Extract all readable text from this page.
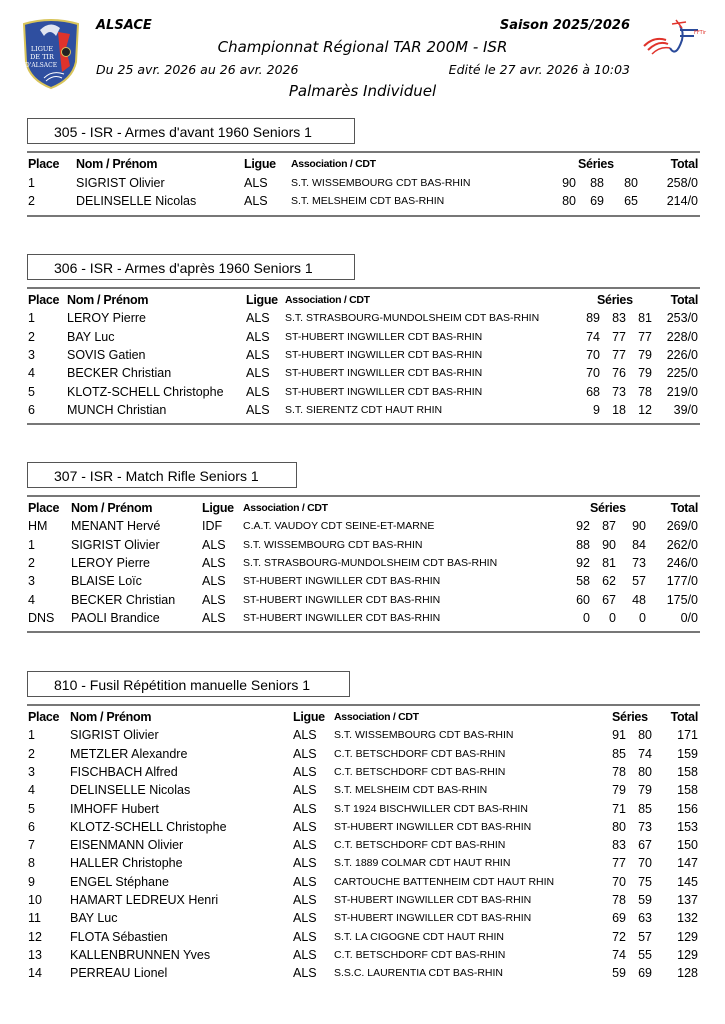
LIGUE
DE TIR
D'ALSACE
FFTir
ALSACE	Saison 2025/2026
Championnat Régional TAR 200M - ISR
Du 25 avr. 2026 au 26 avr. 2026	Edité le 27 avr. 2026 à 10:03
Palmarès Individuel
305 - ISR - Armes d'avant 1960 Seniors 1
Place Nom / Prénom	Ligue Association / CDT	Séries	Total
1	SIGRIST Olivier	ALS S.T. WISSEMBOURG CDT BAS-RHIN	90 88 80 258/0
2	DELINSELLE Nicolas	ALS S.T. MELSHEIM CDT BAS-RHIN	80 69 65 214/0
306 - ISR - Armes d'après 1960 Seniors 1
Place Nom / Prénom	Ligue Association / CDT	Séries	Total
1	LEROY Pierre	ALS S.T. STRASBOURG-MUNDOLSHEIM CDT BAS-RHIN	89 83 81 253/0
2	BAY Luc	ALS ST-HUBERT INGWILLER CDT BAS-RHIN	74 77 77 228/0
3	SOVIS Gatien	ALS ST-HUBERT INGWILLER CDT BAS-RHIN	70 77 79 226/0
4	BECKER Christian	ALS ST-HUBERT INGWILLER CDT BAS-RHIN	70 76 79 225/0
5	KLOTZ-SCHELL Christophe ALS ST-HUBERT INGWILLER CDT BAS-RHIN	68 73 78 219/0
6	MUNCH Christian	ALS S.T. SIERENTZ CDT HAUT RHIN	9 18 12 39/0
307 - ISR - Match Rifle Seniors 1
Place Nom / Prénom	Ligue Association / CDT	Séries	Total
HM MENANT Hervé	IDF C.A.T. VAUDOY CDT SEINE-ET-MARNE	92 87 90 269/0
1	SIGRIST Olivier	ALS S.T. WISSEMBOURG CDT BAS-RHIN	88 90 84 262/0
2	LEROY Pierre	ALS S.T. STRASBOURG-MUNDOLSHEIM CDT BAS-RHIN	92 81 73 246/0
3	BLAISE Loïc	ALS ST-HUBERT INGWILLER CDT BAS-RHIN	58 62 57 177/0
4	BECKER Christian ALS ST-HUBERT INGWILLER CDT BAS-RHIN	60 67 48 175/0
DNS PAOLI Brandice	ALS ST-HUBERT INGWILLER CDT BAS-RHIN	0 0 0	0/0
810 - Fusil Répétition manuelle Seniors 1
Place Nom / Prénom	Ligue Association / CDT	Séries Total
1	SIGRIST Olivier	ALS S.T. WISSEMBOURG CDT BAS-RHIN	91 80 171
2	METZLER Alexandre	ALS C.T. BETSCHDORF CDT BAS-RHIN	85 74 159
3	FISCHBACH Alfred	ALS C.T. BETSCHDORF CDT BAS-RHIN	78 80 158
4	DELINSELLE Nicolas	ALS S.T. MELSHEIM CDT BAS-RHIN	79 79 158
5	IMHOFF Hubert	ALS S.T 1924 BISCHWILLER CDT BAS-RHIN	71 85 156
6	KLOTZ-SCHELL Christophe	ALS ST-HUBERT INGWILLER CDT BAS-RHIN	80 73 153
7	EISENMANN Olivier	ALS C.T. BETSCHDORF CDT BAS-RHIN	83 67 150
8	HALLER Christophe	ALS S.T. 1889 COLMAR CDT HAUT RHIN	77 70 147
9	ENGEL Stéphane	ALS CARTOUCHE BATTENHEIM CDT HAUT RHIN	70 75 145
10 HAMART LEDREUX Henri	ALS ST-HUBERT INGWILLER CDT BAS-RHIN	78 59 137
11 BAY Luc	ALS ST-HUBERT INGWILLER CDT BAS-RHIN	69 63 132
12 FLOTA Sébastien	ALS S.T. LA CIGOGNE CDT HAUT RHIN	72 57 129
13 KALLENBRUNNEN Yves	ALS C.T. BETSCHDORF CDT BAS-RHIN	74 55 129
14 PERREAU Lionel	ALS S.S.C. LAURENTIA CDT BAS-RHIN	59 69 128
